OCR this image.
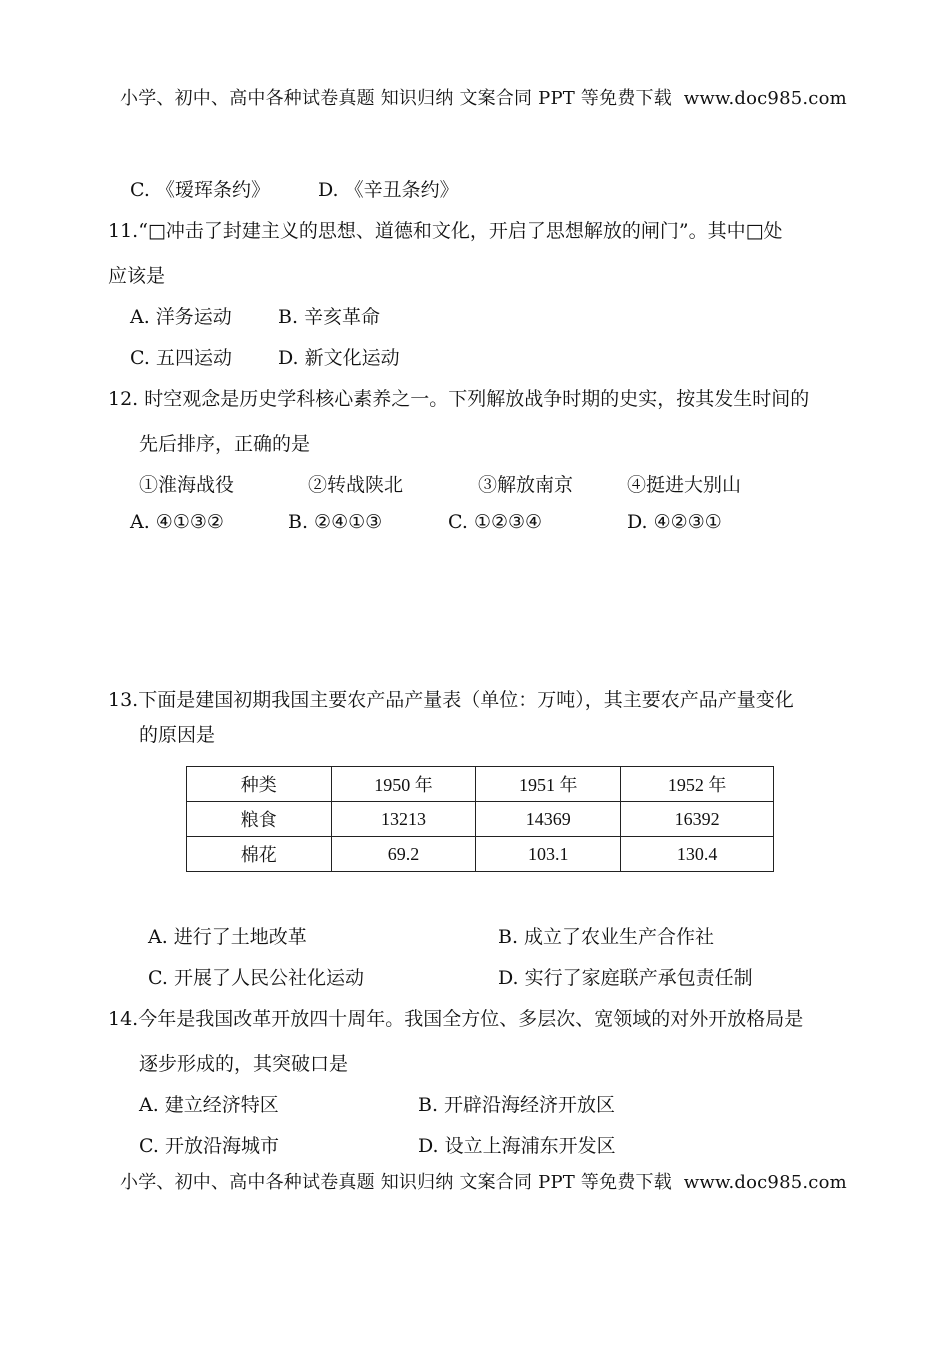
小学、初中、高中各种试卷真题 知识归纳 文案合同 PPT 等免费下载 www.doc985.com
C. 《瑷珲条约》	D. 《辛丑条约》
11.“□冲击了封建主义的思想、道德和文化，开启了思想解放的闸门”。其中□处
应该是
A. 洋务运动 B. 辛亥革命
C. 五四运动 D. 新文化运动
12. 时空观念是历史学科核心素养之一。下列解放战争时期的史实，按其发生时间的
先后排序，正确的是
①淮海战役	②转战陕北	③解放南京	④挺进大别山
A. ④①③②	B. ②④①③	C. ①②③④	D. ④②③①
13.下面是建国初期我国主要农产品产量表（单位：万吨），其主要农产品产量变化
的原因是
种类	1950 年	1951 年	1952 年
粮食	13213	14369	16392
棉花	69.2	103.1	130.4
A. 进行了土地改革	B. 成立了农业生产合作社
C. 开展了人民公社化运动	D. 实行了家庭联产承包责任制
14.今年是我国改革开放四十周年。我国全方位、多层次、宽领域的对外开放格局是
逐步形成的，其突破口是
A. 建立经济特区	B. 开辟沿海经济开放区
C. 开放沿海城市	D. 设立上海浦东开发区
小学、初中、高中各种试卷真题 知识归纳 文案合同 PPT 等免费下载 www.doc985.com
